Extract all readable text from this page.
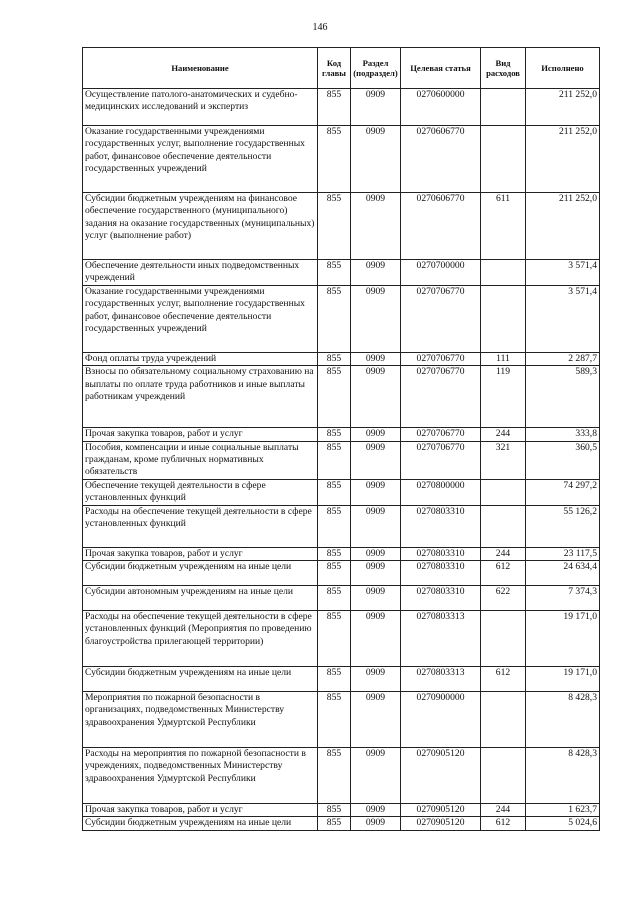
146
Наименование	Код главы	Раздел (подраздел)	Целевая статья	Вид расходов	Исполнено
Осуществление патолого-анатомических и судебно-медицинских исследований и экспертиз	855	0909	0270600000		211 252,0
Оказание государственными учреждениями государственных услуг, выполнение государственных работ, финансовое обеспечение деятельности государственных учреждений	855	0909	0270606770		211 252,0
Субсидии бюджетным учреждениям на финансовое обеспечение государственного (муниципального) задания на оказание государственных (муниципальных) услуг (выполнение работ)	855	0909	0270606770	611	211 252,0
Обеспечение деятельности иных подведомственных учреждений	855	0909	0270700000		3 571,4
Оказание государственными учреждениями государственных услуг, выполнение государственных работ, финансовое обеспечение деятельности государственных учреждений	855	0909	0270706770		3 571,4
Фонд оплаты труда учреждений	855	0909	0270706770	111	2 287,7
Взносы по обязательному социальному страхованию на выплаты по оплате труда работников и иные выплаты работникам учреждений	855	0909	0270706770	119	589,3
Прочая закупка товаров, работ и услуг	855	0909	0270706770	244	333,8
Пособия, компенсации и иные социальные выплаты гражданам, кроме публичных нормативных обязательств	855	0909	0270706770	321	360,5
Обеспечение текущей деятельности в сфере установленных функций	855	0909	0270800000		74 297,2
Расходы на обеспечение текущей деятельности в сфере установленных функций	855	0909	0270803310		55 126,2
Прочая закупка товаров, работ и услуг	855	0909	0270803310	244	23 117,5
Субсидии бюджетным учреждениям на иные цели	855	0909	0270803310	612	24 634,4
Субсидии автономным учреждениям на иные цели	855	0909	0270803310	622	7 374,3
Расходы на обеспечение текущей деятельности в сфере установленных функций (Мероприятия по проведению благоустройства прилегающей территории)	855	0909	0270803313		19 171,0
Субсидии бюджетным учреждениям на иные цели	855	0909	0270803313	612	19 171,0
Мероприятия по пожарной безопасности в организациях, подведомственных Министерству здравоохранения Удмуртской Республики	855	0909	0270900000		8 428,3
Расходы на мероприятия по пожарной безопасности в учреждениях, подведомственных Министерству здравоохранения Удмуртской Республики	855	0909	0270905120		8 428,3
Прочая закупка товаров, работ и услуг	855	0909	0270905120	244	1 623,7
Субсидии бюджетным учреждениям на иные цели	855	0909	0270905120	612	5 024,6
